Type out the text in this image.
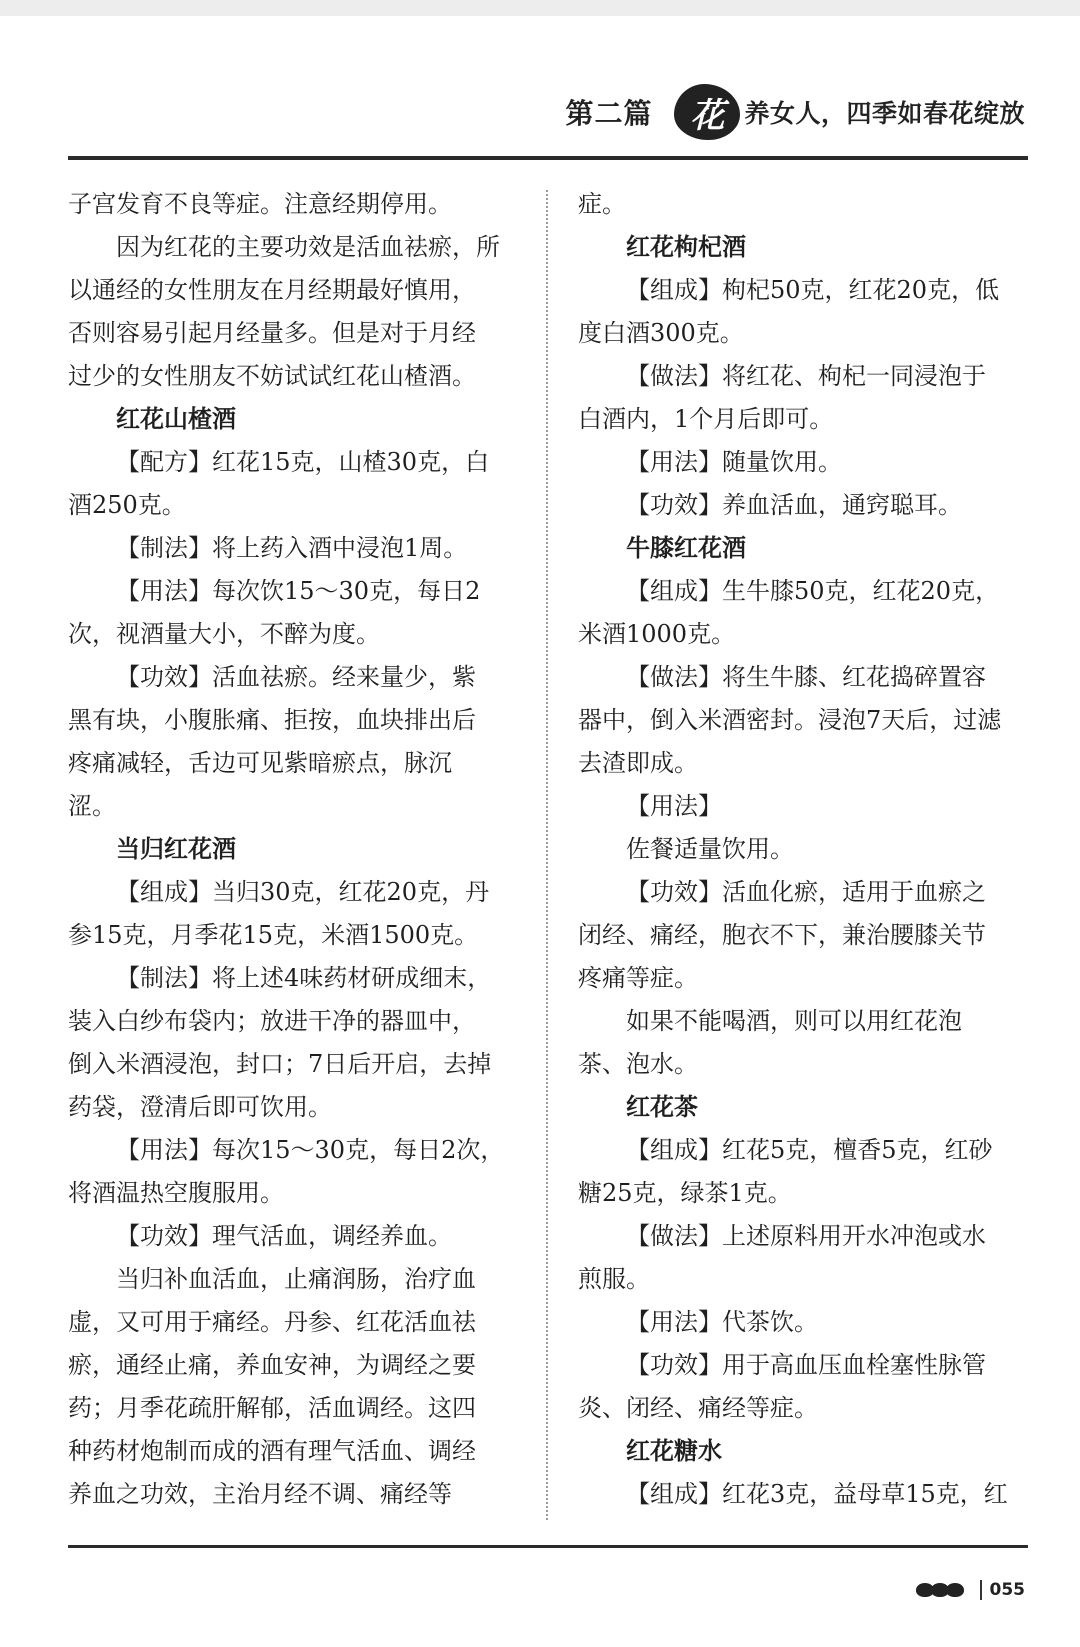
第二篇 花 养女人，四季如春花绽放

子宫发育不良等症。注意经期停用。

因为红花的主要功效是活血祛瘀，所

以通经的女性朋友在月经期最好慎用，

否则容易引起月经量多。但是对于月经

过少的女性朋友不妨试试红花山楂酒。

红花山楂酒

【配方】红花15克，山楂30克，白

酒250克。

【制法】将上药入酒中浸泡1周。

【用法】每次饮15～30克，每日2

次，视酒量大小，不醉为度。

【功效】活血祛瘀。经来量少，紫

黑有块，小腹胀痛、拒按，血块排出后

疼痛减轻，舌边可见紫暗瘀点，脉沉

涩。

当归红花酒

【组成】当归30克，红花20克，丹

参15克，月季花15克，米酒1500克。

【制法】将上述4味药材研成细末，

装入白纱布袋内；放进干净的器皿中，

倒入米酒浸泡，封口；7日后开启，去掉

药袋，澄清后即可饮用。

【用法】每次15～30克，每日2次，

将酒温热空腹服用。

【功效】理气活血，调经养血。

当归补血活血，止痛润肠，治疗血

虚，又可用于痛经。丹参、红花活血祛

瘀，通经止痛，养血安神，为调经之要

药；月季花疏肝解郁，活血调经。这四

种药材炮制而成的酒有理气活血、调经

养血之功效，主治月经不调、痛经等

症。

红花枸杞酒

【组成】枸杞50克，红花20克，低

度白酒300克。

【做法】将红花、枸杞一同浸泡于

白酒内，1个月后即可。

【用法】随量饮用。

【功效】养血活血，通窍聪耳。

牛膝红花酒

【组成】生牛膝50克，红花20克，

米酒1000克。

【做法】将生牛膝、红花捣碎置容

器中，倒入米酒密封。浸泡7天后，过滤

去渣即成。

【用法】

佐餐适量饮用。

【功效】活血化瘀，适用于血瘀之

闭经、痛经，胞衣不下，兼治腰膝关节

疼痛等症。

如果不能喝酒，则可以用红花泡

茶、泡水。

红花茶

【组成】红花5克，檀香5克，红砂

糖25克，绿茶1克。

【做法】上述原料用开水冲泡或水

煎服。

【用法】代茶饮。

【功效】用于高血压血栓塞性脉管

炎、闭经、痛经等症。

红花糖水

【组成】红花3克，益母草15克，红

055
